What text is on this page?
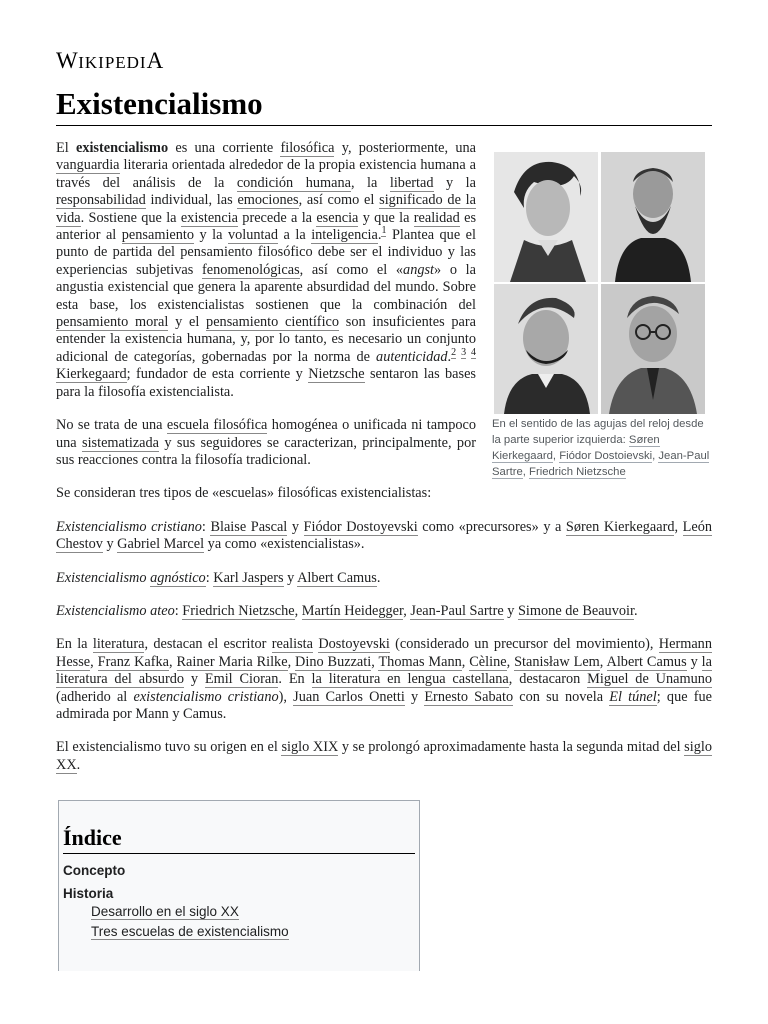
WIKIPEDIA
Existencialismo
En el sentido de las agujas del reloj desde la parte superior izquierda: Søren Kierkegaard, Fiódor Dostoievski, Jean-Paul Sartre, Friedrich Nietzsche

El existencialismo es una corriente filosófica y, posteriormente, una vanguardia literaria orientada alrededor de la propia existencia humana a través del análisis de la condición humana, la libertad y la responsabilidad individual, las emociones, así como el significado de la vida. Sostiene que la existencia precede a la esencia y que la realidad es anterior al pensamiento y la voluntad a la inteligencia.$^1$ Plantea que el punto de partida del pensamiento filosófico debe ser el individuo y las experiencias subjetivas fenomenológicas, así como el «angst» o la angustia existencial que genera la aparente absurdidad del mundo. Sobre esta base, los existencialistas sostienen que la combinación del pensamiento moral y el pensamiento científico son insuficientes para entender la existencia humana, y, por lo tanto, es necesario un conjunto adicional de categorías, gobernadas por la norma de autenticidad.$^{2 3 4}$ Kierkegaard; fundador de esta corriente y Nietzsche sentaron las bases para la filosofía existencialista.

No se trata de una escuela filosófica homogénea o unificada ni tampoco una sistematizada y sus seguidores se caracterizan, principalmente, por sus reacciones contra la filosofía tradicional.

Se consideran tres tipos de «escuelas» filosóficas existencialistas:

Existencialismo cristiano: Blaise Pascal y Fiódor Dostoyevski como «precursores» y a Søren Kierkegaard, León Chestov y Gabriel Marcel ya como «existencialistas».

Existencialismo agnóstico: Karl Jaspers y Albert Camus.

Existencialismo ateo: Friedrich Nietzsche, Martín Heidegger, Jean-Paul Sartre y Simone de Beauvoir.

En la literatura, destacan el escritor realista Dostoyevski (considerado un precursor del movimiento), Hermann Hesse, Franz Kafka, Rainer Maria Rilke, Dino Buzzati, Thomas Mann, Cèline, Stanisław Lem, Albert Camus y la literatura del absurdo y Emil Cioran. En la literatura en lengua castellana, destacaron Miguel de Unamuno (adherido al existencialismo cristiano), Juan Carlos Onetti y Ernesto Sabato con su novela El túnel; que fue admirada por Mann y Camus.

El existencialismo tuvo su origen en el siglo XIX y se prolongó aproximadamente hasta la segunda mitad del siglo XX.

Índice
Concepto
Historia
Desarrollo en el siglo XX
Tres escuelas de existencialismo
